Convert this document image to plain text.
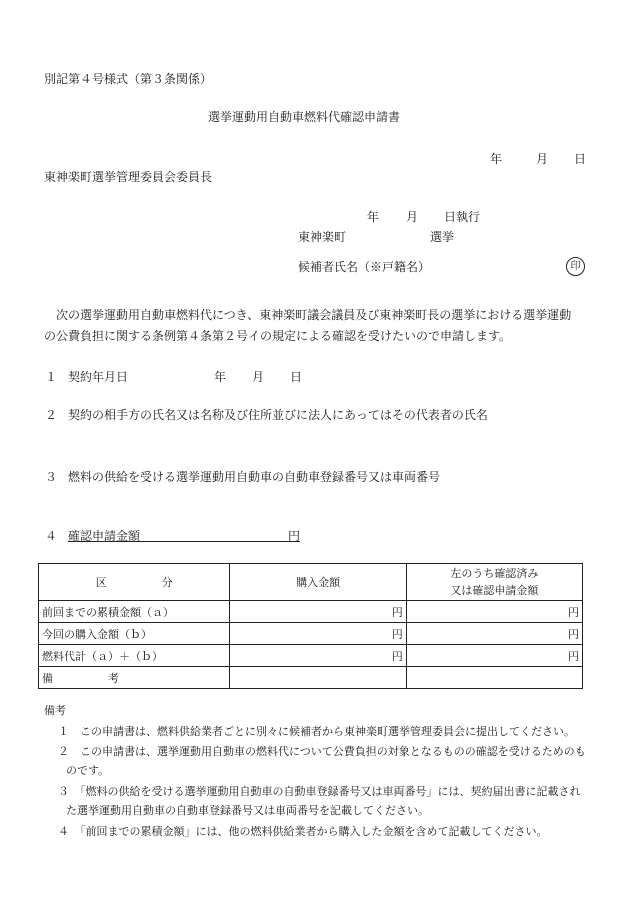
別記第４号様式（第３条関係）
選挙運動用自動車燃料代確認申請書
年	月 日
東神楽町選挙管理委員会委員長
年 月 日執行
東神楽町	選挙
候補者氏名（※戸籍名）	印
　次の選挙運動用自動車燃料代につき、東神楽町議会議員及び東神楽町長の選挙における選挙運動
の公費負担に関する条例第４条第２号イの規定による確認を受けたいので申請します。
１ 契約年月日	年 月 日
２ 契約の相手方の氏名又は名称及び住所並びに法人にあってはその代表者の氏名
３ 燃料の供給を受ける選挙運動用自動車の自動車登録番号又は車両番号
４ 確認申請金額	円
区　　　　　分	購入金額	左のうち確認済み
又は確認申請金額

前回までの累積金額（ａ）	円	円
今回の購入金額（ｂ）	円	円
燃料代計（ａ）＋（ｂ）	円	円
備　　　　　考		
備考
１　この申請書は、燃料供給業者ごとに別々に候補者から東神楽町選挙管理委員会に提出してください。
２　この申請書は、選挙運動用自動車の燃料代について公費負担の対象となるものの確認を受けるためのも
のです。
３　「燃料の供給を受ける選挙運動用自動車の自動車登録番号又は車両番号」には、契約届出書に記載され
た選挙運動用自動車の自動車登録番号又は車両番号を記載してください。
４　「前回までの累積金額」には、他の燃料供給業者から購入した金額を含めて記載してください。
